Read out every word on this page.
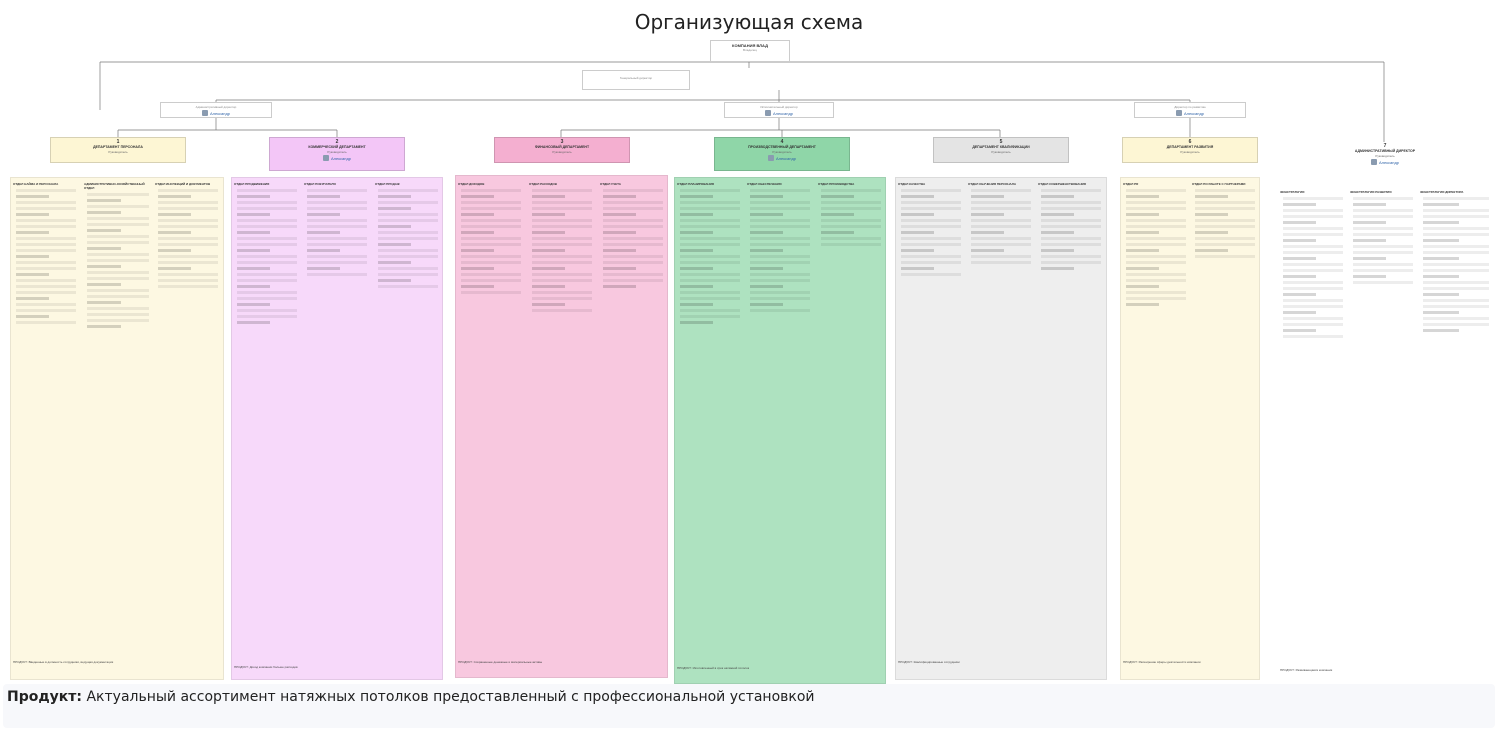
Организующая схема
КОМПАНИЯ ВЛАД
Владелец
Генеральный директор
Административный директор
Александр
Исполнительный директор
Александр
Директор по развитию
Александр
1
ДЕПАРТАМЕНТ ПЕРСОНАЛА
Руководитель
ОТДЕЛ НАЙМА И ПЕРСОНАЛА	АДМИНИСТРАТИВНО-ХОЗЯЙСТВЕННЫЙ ОТДЕЛ
ОТДЕЛ ИНСПЕКЦИЙ И ДОКУМЕНТОВ
ПРОДУКТ: Введенные в должность сотрудники, ведущая документация
2
КОММЕРЧЕСКИЙ ДЕПАРТАМЕНТ
Руководитель
Александр
ОТДЕЛ ПРОДВИЖЕНИЯ	ОТДЕЛ ПОКУПАТЕЛЯ	ОТДЕЛ ПРОДАЖ
ПРОДУКТ: Доход компании больше расходов
3
ФИНАНСОВЫЙ ДЕПАРТАМЕНТ
Руководитель
ОТДЕЛ ДОХОДОВ	ОТДЕЛ РАСХОДОВ	ОТДЕЛ УЧЕТА
ПРОДУКТ: Сохраненные денежные и материальные активы
4
ПРОИЗВОДСТВЕННЫЙ ДЕПАРТАМЕНТ
Руководитель
Александр
ОТДЕЛ ПЛАНИРОВАНИЯ	ОТДЕЛ ОБЕСПЕЧЕНИЯ	ОТДЕЛ ПРОИЗВОДСТВА
ПРОДУКТ: Изготовленный в срок натяжной потолок
5
ДЕПАРТАМЕНТ КВАЛИФИКАЦИИ
Руководитель
ОТДЕЛ КАЧЕСТВА	ОТДЕЛ ОБУЧЕНИЯ ПЕРСОНАЛА	ОТДЕЛ СОВЕРШЕНСТВОВАНИЯ
ПРОДУКТ: Квалифицированные сотрудники
6
ДЕПАРТАМЕНТ РАЗВИТИЯ
Руководитель
ОТДЕЛ PR	ОТДЕЛ ПО РАБОТЕ С ПАРТНЕРАМИ
ПРОДУКТ: Расширение сферы деятельности компании
7
АДМИНИСТРАТИВНЫЙ ДИРЕКТОР
Руководитель
Александр
ФИНСТРАТЕГИЯ	ФИНСТРАТЕГИЯ РАЗВИТИЯ	ФИНСТРАТЕГИЯ ДИРЕКТОРА
ПРОДУКТ: Развивающаяся компания
Продукт: Актуальный ассортимент натяжных потолков предоставленный с профессиональной установкой
